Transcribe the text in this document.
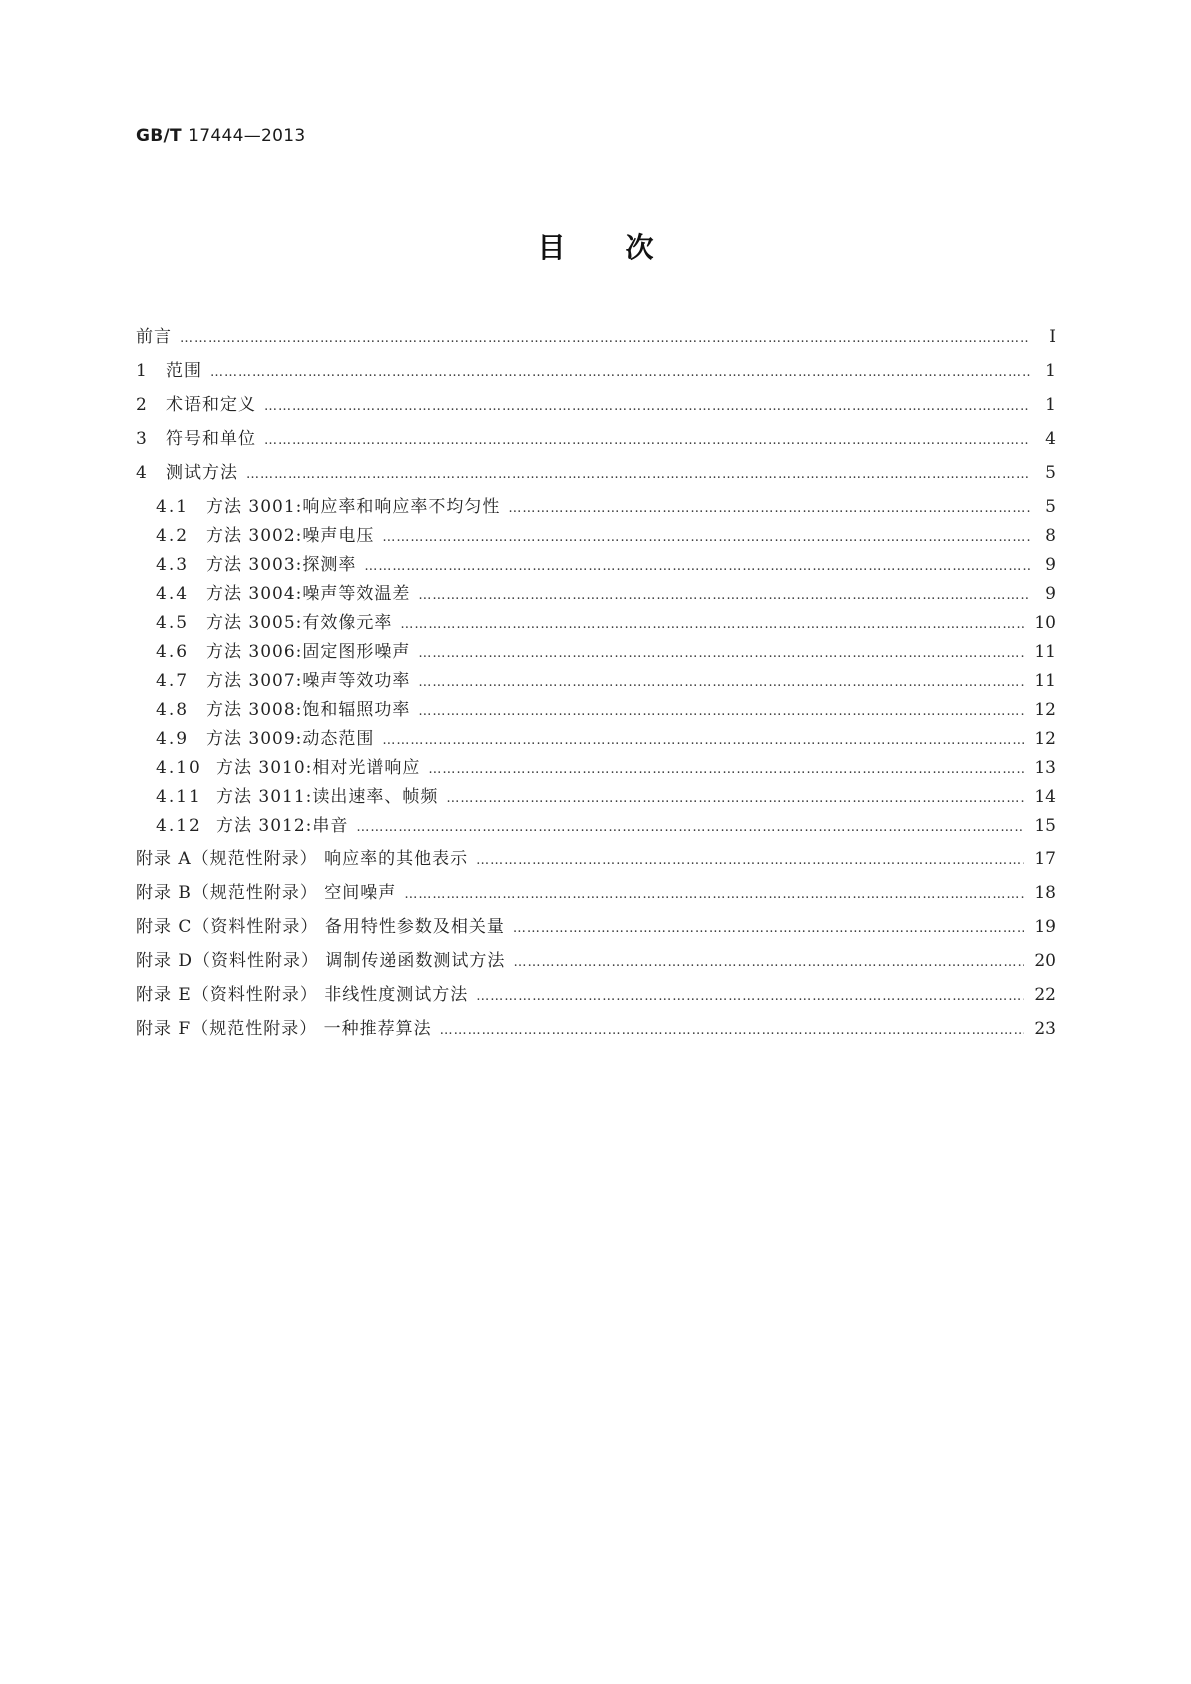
GB/T 17444—2013
目次
前言 ……………………………………………………………………………………………………………………………………………………………………………………………………………………………	Ⅰ
1 范围 ……………………………………………………………………………………………………………………………………………………………………………………………………………………………	1
2 术语和定义 ……………………………………………………………………………………………………………………………………………………………………………………………………………………………	1
3 符号和单位 ……………………………………………………………………………………………………………………………………………………………………………………………………………………………	4
4 测试方法 ……………………………………………………………………………………………………………………………………………………………………………………………………………………………	5
4.1 方法 3001:响应率和响应率不均匀性 ……………………………………………………………………………………………………………………………………………………………………………………………………………………………	5
4.2 方法 3002:噪声电压 ……………………………………………………………………………………………………………………………………………………………………………………………………………………………	8
4.3 方法 3003:探测率 ……………………………………………………………………………………………………………………………………………………………………………………………………………………………	9
4.4 方法 3004:噪声等效温差 ……………………………………………………………………………………………………………………………………………………………………………………………………………………………	9
4.5 方法 3005:有效像元率 ……………………………………………………………………………………………………………………………………………………………………………………………………………………………	10
4.6 方法 3006:固定图形噪声 ……………………………………………………………………………………………………………………………………………………………………………………………………………………………	11
4.7 方法 3007:噪声等效功率 ……………………………………………………………………………………………………………………………………………………………………………………………………………………………	11
4.8 方法 3008:饱和辐照功率 ……………………………………………………………………………………………………………………………………………………………………………………………………………………………	12
4.9 方法 3009:动态范围 ……………………………………………………………………………………………………………………………………………………………………………………………………………………………	12
4.10 方法 3010:相对光谱响应 ……………………………………………………………………………………………………………………………………………………………………………………………………………………………	13
4.11 方法 3011:读出速率、帧频 ……………………………………………………………………………………………………………………………………………………………………………………………………………………………	14
4.12 方法 3012:串音 ……………………………………………………………………………………………………………………………………………………………………………………………………………………………	15
附录 A（规范性附录） 响应率的其他表示 ……………………………………………………………………………………………………………………………………………………………………………………………………………………………	17
附录 B（规范性附录） 空间噪声 ……………………………………………………………………………………………………………………………………………………………………………………………………………………………	18
附录 C（资料性附录） 备用特性参数及相关量 ……………………………………………………………………………………………………………………………………………………………………………………………………………………………	19
附录 D（资料性附录） 调制传递函数测试方法 ……………………………………………………………………………………………………………………………………………………………………………………………………………………………	20
附录 E（资料性附录） 非线性度测试方法 ……………………………………………………………………………………………………………………………………………………………………………………………………………………………	22
附录 F（规范性附录） 一种推荐算法 ……………………………………………………………………………………………………………………………………………………………………………………………………………………………	23
